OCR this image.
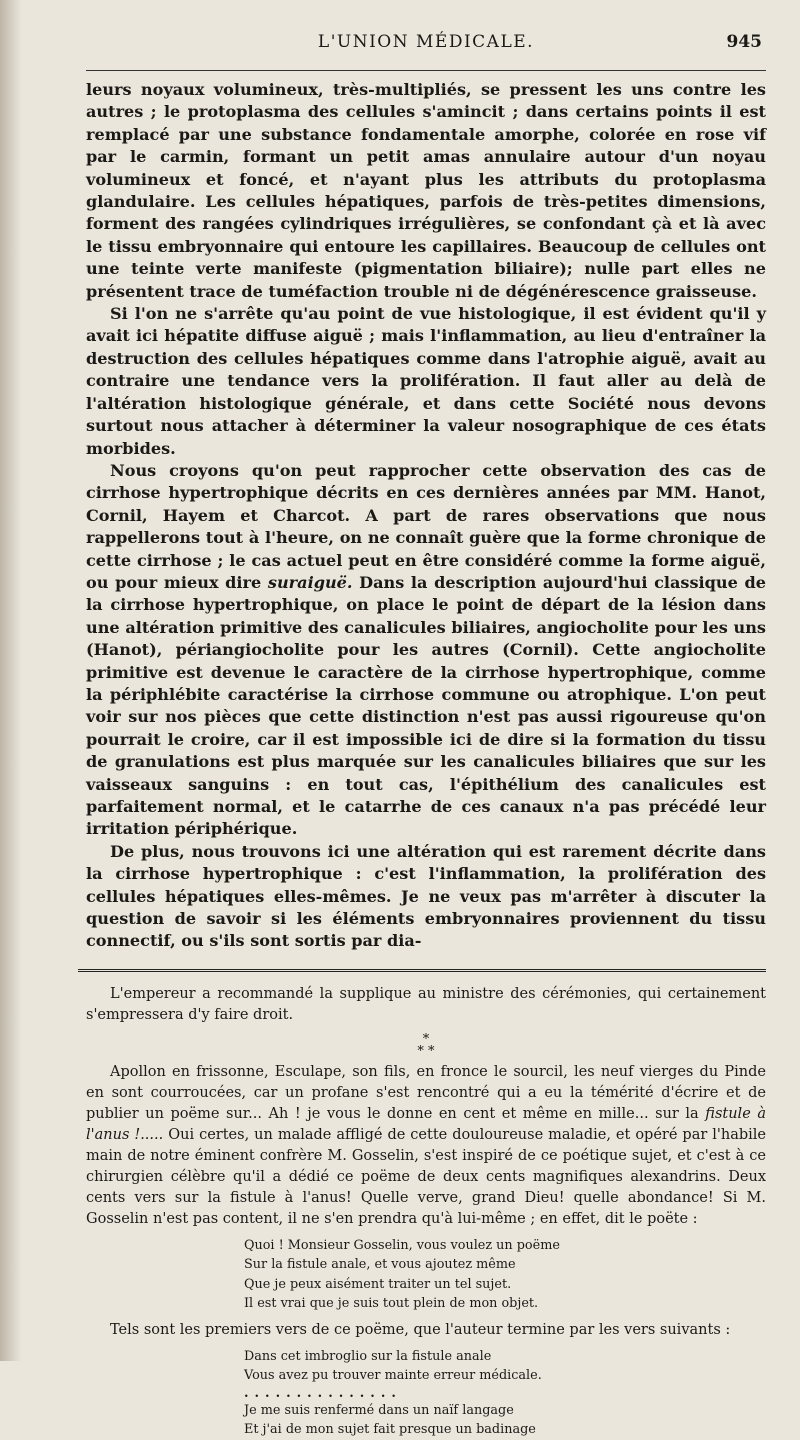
L'UNION MÉDICALE.	945

leurs noyaux volumineux, très-multipliés, se pressent les uns contre les autres ; le protoplasma des cellules s'amincit ; dans certains points il est remplacé par une substance fondamentale amorphe, colorée en rose vif par le carmin, formant un petit amas annulaire autour d'un noyau volumineux et foncé, et n'ayant plus les attributs du protoplasma glandulaire. Les cellules hépatiques, parfois de très-petites dimensions, forment des rangées cylindriques irrégulières, se confondant çà et là avec le tissu embryonnaire qui entoure les capillaires. Beaucoup de cellules ont une teinte verte manifeste (pigmentation biliaire); nulle part elles ne présentent trace de tuméfaction trouble ni de dégénérescence graisseuse.

Si l'on ne s'arrête qu'au point de vue histologique, il est évident qu'il y avait ici hépatite diffuse aiguë ; mais l'inflammation, au lieu d'entraîner la destruction des cellules hépatiques comme dans l'atrophie aiguë, avait au contraire une tendance vers la prolifération. Il faut aller au delà de l'altération histologique générale, et dans cette Société nous devons surtout nous attacher à déterminer la valeur nosographique de ces états morbides.

Nous croyons qu'on peut rapprocher cette observation des cas de cirrhose hypertrophique décrits en ces dernières années par MM. Hanot, Cornil, Hayem et Charcot. A part de rares observations que nous rappellerons tout à l'heure, on ne connaît guère que la forme chronique de cette cirrhose ; le cas actuel peut en être considéré comme la forme aiguë, ou pour mieux dire suraiguë. Dans la description aujourd'hui classique de la cirrhose hypertrophique, on place le point de départ de la lésion dans une altération primitive des canalicules biliaires, angiocholite pour les uns (Hanot), périangiocholite pour les autres (Cornil). Cette angiocholite primitive est devenue le caractère de la cirrhose hypertrophique, comme la périphlébite caractérise la cirrhose commune ou atrophique. L'on peut voir sur nos pièces que cette distinction n'est pas aussi rigoureuse qu'on pourrait le croire, car il est impossible ici de dire si la formation du tissu de granulations est plus marquée sur les canalicules biliaires que sur les vaisseaux sanguins : en tout cas, l'épithélium des canalicules est parfaitement normal, et le catarrhe de ces canaux n'a pas précédé leur irritation périphérique.

De plus, nous trouvons ici une altération qui est rarement décrite dans la cirrhose hypertrophique : c'est l'inflammation, la prolifération des cellules hépatiques elles-mêmes. Je ne veux pas m'arrêter à discuter la question de savoir si les éléments embryonnaires proviennent du tissu connectif, ou s'ils sont sortis par dia-

L'empereur a recommandé la supplique au ministre des cérémonies, qui certainement s'empressera d'y faire droit.

*
* *

Apollon en frissonne, Esculape, son fils, en fronce le sourcil, les neuf vierges du Pinde en sont courroucées, car un profane s'est rencontré qui a eu la témérité d'écrire et de publier un poëme sur... Ah ! je vous le donne en cent et même en mille... sur la fistule à l'anus !..... Oui certes, un malade affligé de cette douloureuse maladie, et opéré par l'habile main de notre éminent confrère M. Gosselin, s'est inspiré de ce poétique sujet, et c'est à ce chirurgien célèbre qu'il a dédié ce poëme de deux cents magnifiques alexandrins. Deux cents vers sur la fistule à l'anus! Quelle verve, grand Dieu! quelle abondance! Si M. Gosselin n'est pas content, il ne s'en prendra qu'à lui-même ; en effet, dit le poëte :

Quoi ! Monsieur Gosselin, vous voulez un poëme
Sur la fistule anale, et vous ajoutez même
Que je peux aisément traiter un tel sujet.
Il est vrai que je suis tout plein de mon objet.

Tels sont les premiers vers de ce poëme, que l'auteur termine par les vers suivants :

Dans cet imbroglio sur la fistule anale
Vous avez pu trouver mainte erreur médicale.
...............
Je me suis renfermé dans un naïf langage
Et j'ai de mon sujet fait presque un badinage
